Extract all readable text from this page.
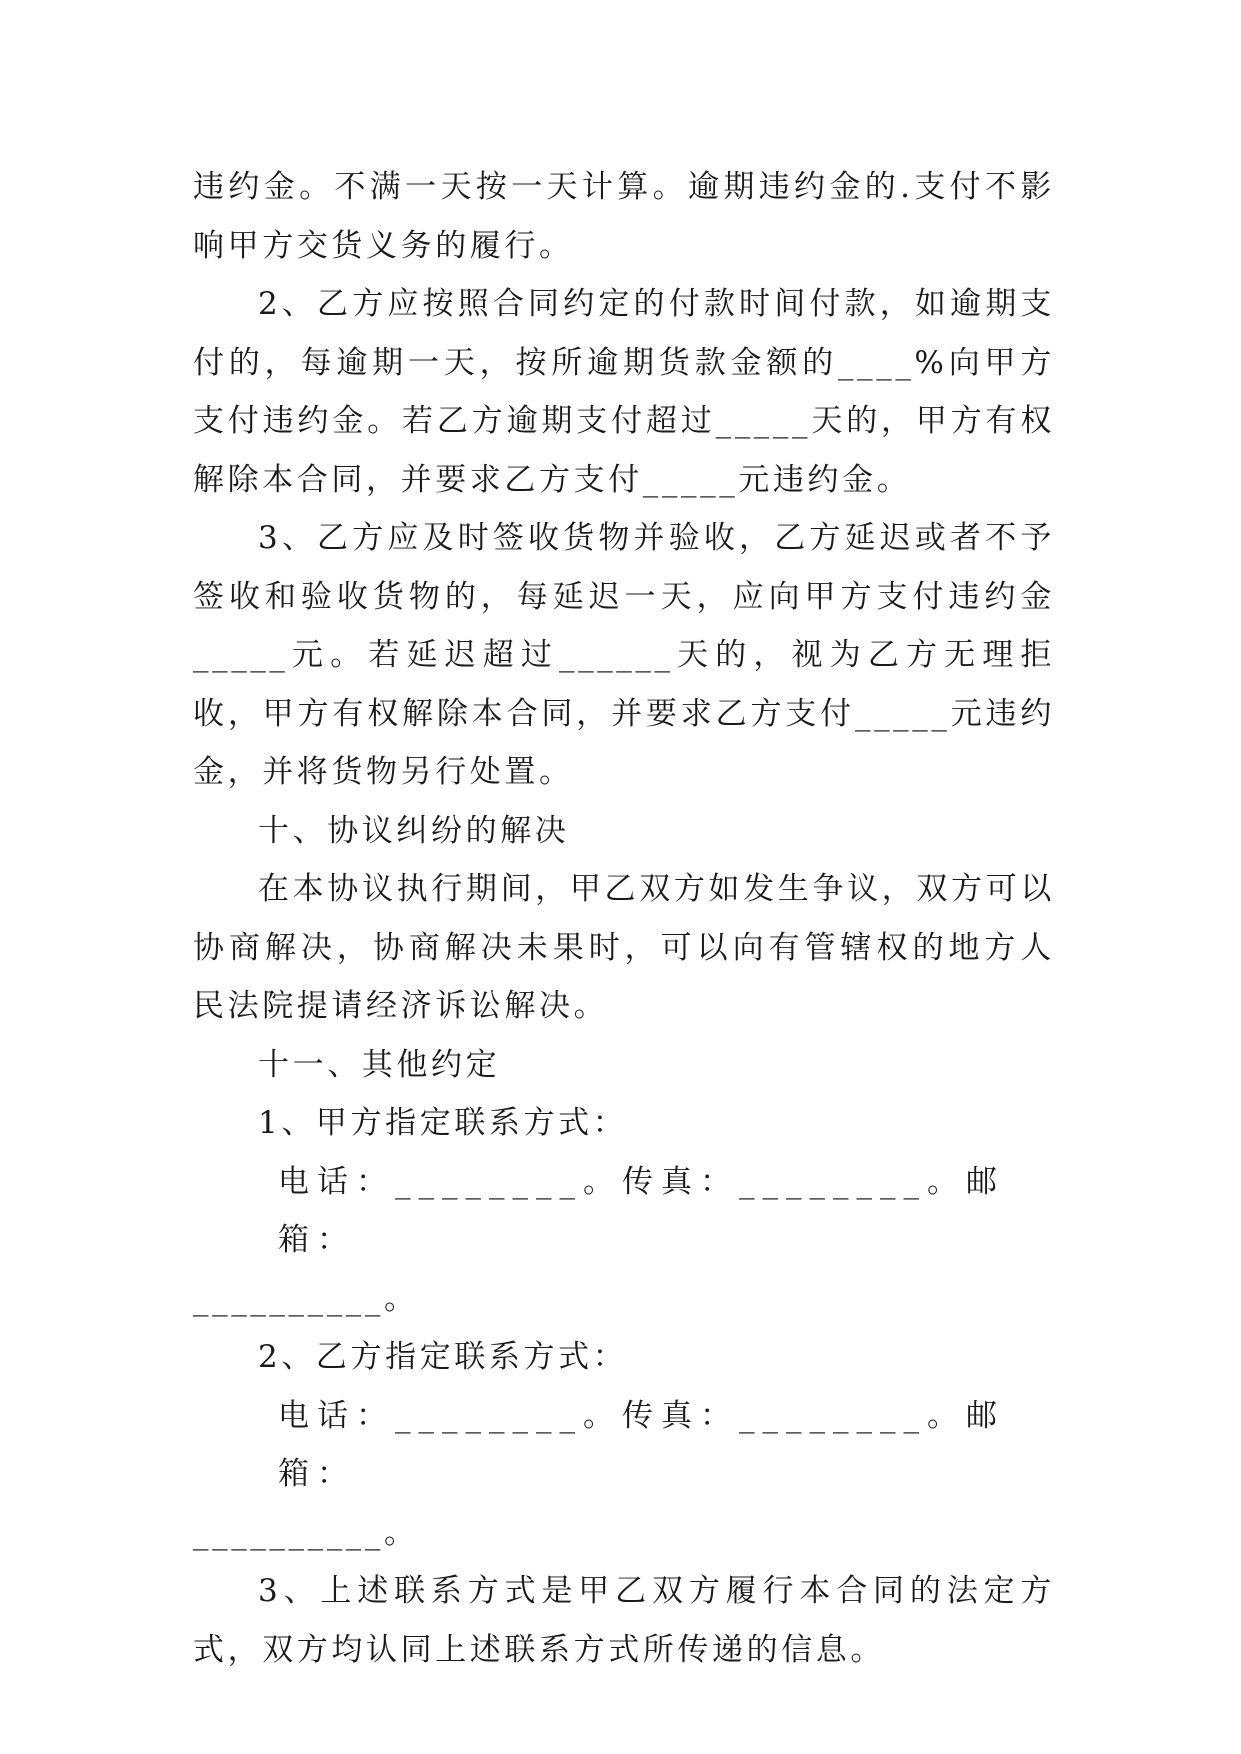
违约金。不满一天按一天计算。逾期违约金的.支付不影响甲方交货义务的履行。

2、乙方应按照合同约定的付款时间付款，如逾期支付的，每逾期一天，按所逾期货款金额的____%向甲方支付违约金。若乙方逾期支付超过_____天的，甲方有权解除本合同，并要求乙方支付_____元违约金。

3、乙方应及时签收货物并验收，乙方延迟或者不予签收和验收货物的，每延迟一天，应向甲方支付违约金_____元。若延迟超过______天的，视为乙方无理拒收，甲方有权解除本合同，并要求乙方支付_____元违约金，并将货物另行处置。

十、协议纠纷的解决

在本协议执行期间，甲乙双方如发生争议，双方可以协商解决，协商解决未果时，可以向有管辖权的地方人民法院提请经济诉讼解决。

十一、其他约定

1、甲方指定联系方式：

电话：________。传真：________。邮箱：

__________。

2、乙方指定联系方式：

电话：________。传真：________。邮箱：

__________。

3、上述联系方式是甲乙双方履行本合同的法定方式，双方均认同上述联系方式所传递的信息。
